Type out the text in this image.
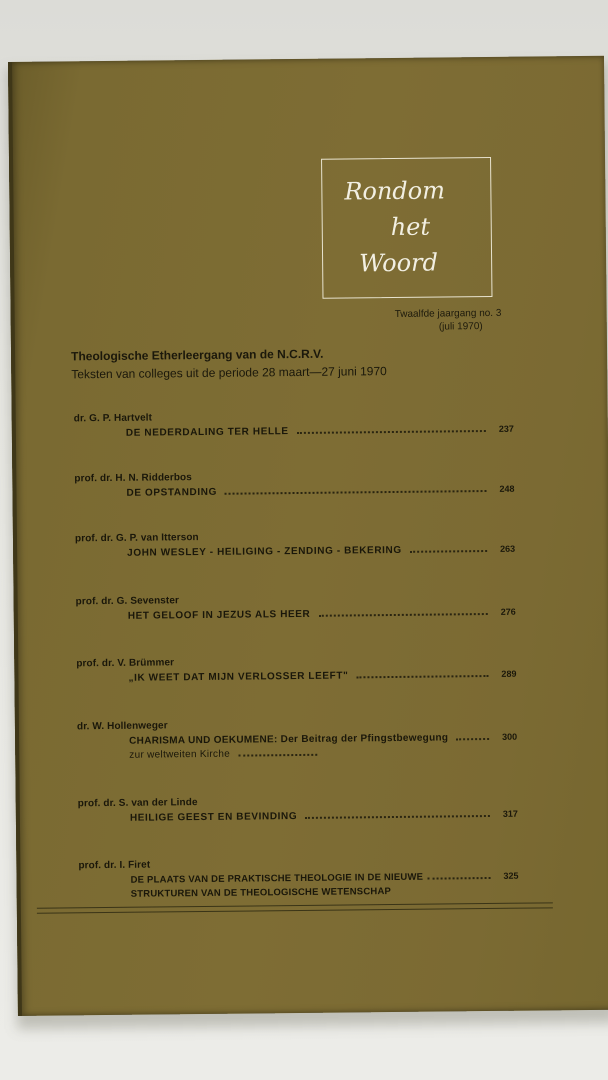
Rondom
het
Woord
Twaalfde jaargang no. 3
(juli 1970)
Theologische Etherleergang van de N.C.R.V.
Teksten van colleges uit de periode 28 maart—27 juni 1970
dr. G. P. Hartvelt
DE NEDERDALING TER HELLE	237
prof. dr. H. N. Ridderbos
DE OPSTANDING	248
prof. dr. G. P. van Itterson
JOHN WESLEY - HEILIGING - ZENDING - BEKERING	263
prof. dr. G. Sevenster
HET GELOOF IN JEZUS ALS HEER	276
prof. dr. V. Brümmer
„IK WEET DAT MIJN VERLOSSER LEEFT"	289
dr. W. Hollenweger
CHARISMA UND OEKUMENE: Der Beitrag der Pfingstbewegung	300
zur weltweiten Kirche
prof. dr. S. van der Linde
HEILIGE GEEST EN BEVINDING	317
prof. dr. I. Firet
DE PLAATS VAN DE PRAKTISCHE THEOLOGIE IN DE NIEUWE	325
STRUKTUREN VAN DE THEOLOGISCHE WETENSCHAP
